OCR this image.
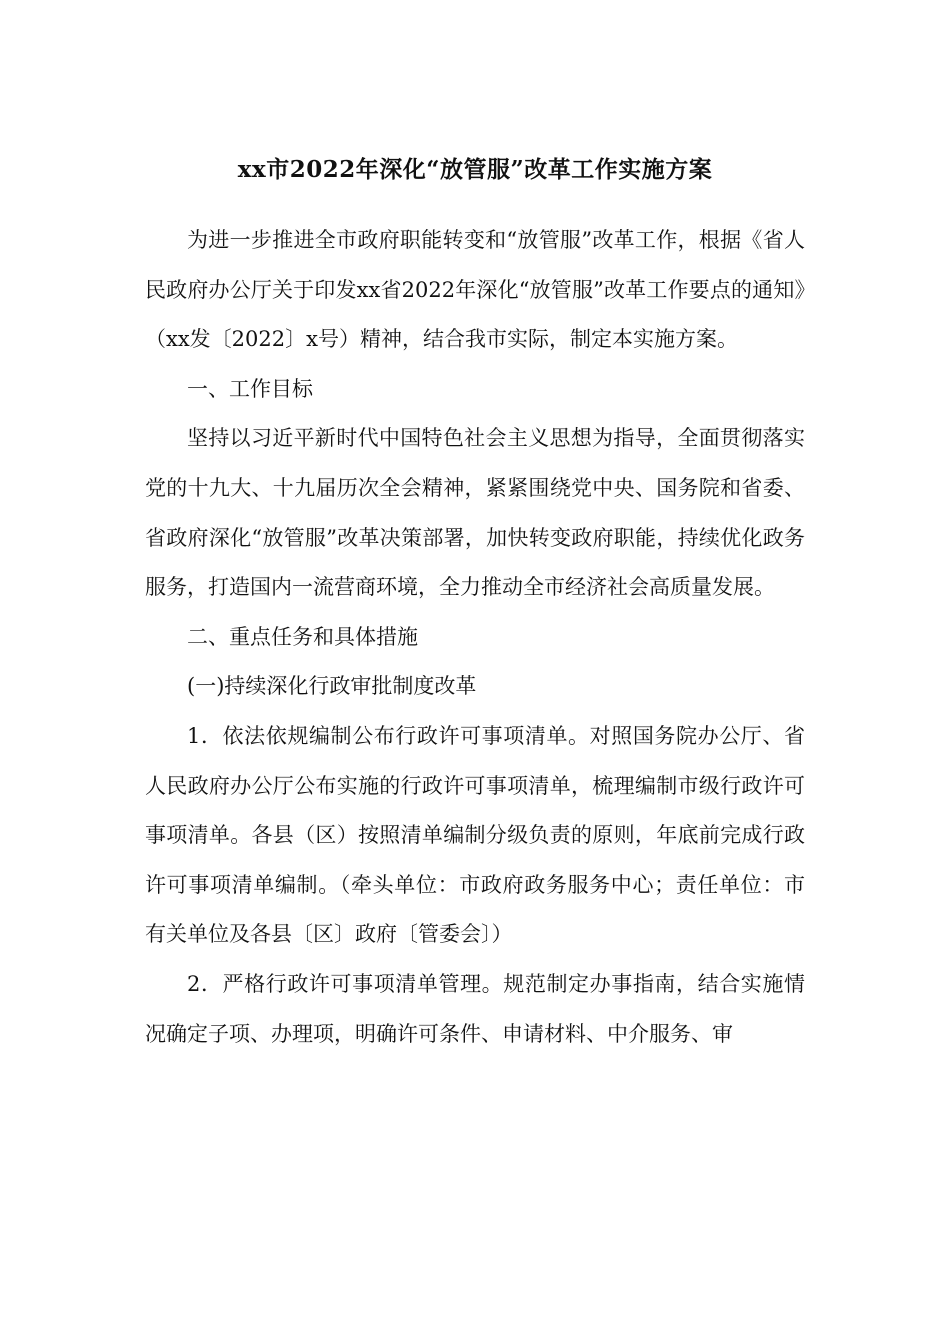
xx市2022年深化“放管服”改革工作实施方案

为进一步推进全市政府职能转变和“放管服”改革工作，根据《省人民政府办公厅关于印发xx省2022年深化“放管服”改革工作要点的通知》（xx发〔2022〕x号）精神，结合我市实际，制定本实施方案。

一、工作目标

坚持以习近平新时代中国特色社会主义思想为指导，全面贯彻落实党的十九大、十九届历次全会精神，紧紧围绕党中央、国务院和省委、省政府深化“放管服”改革决策部署，加快转变政府职能，持续优化政务服务，打造国内一流营商环境，全力推动全市经济社会高质量发展。

二、重点任务和具体措施

(一)持续深化行政审批制度改革

1．依法依规编制公布行政许可事项清单。对照国务院办公厅、省人民政府办公厅公布实施的行政许可事项清单，梳理编制市级行政许可事项清单。各县（区）按照清单编制分级负责的原则，年底前完成行政许可事项清单编制。（牵头单位：市政府政务服务中心；责任单位：市有关单位及各县〔区〕政府〔管委会〕）

2．严格行政许可事项清单管理。规范制定办事指南，结合实施情况确定子项、办理项，明确许可条件、申请材料、中介服务、审
